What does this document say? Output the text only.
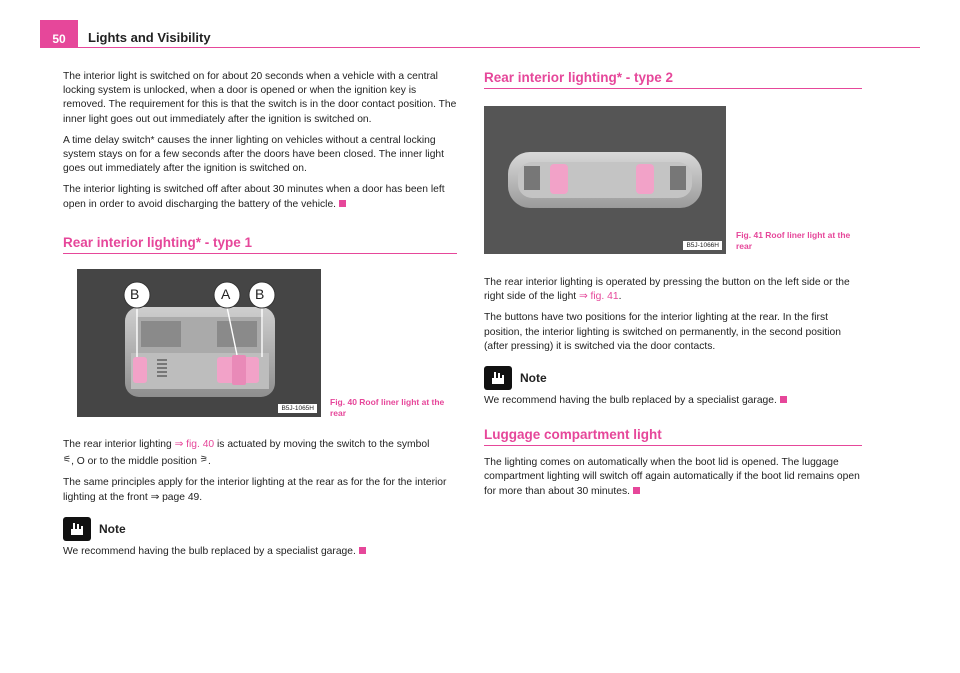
50	Lights and Visibility

The interior light is switched on for about 20 seconds when a vehicle with a central locking system is unlocked, when a door is opened or when the ignition key is removed. The requirement for this is that the switch is in the door contact position. The inner light goes out out immediately after the ignition is switched on.

A time delay switch* causes the inner lighting on vehicles without a central locking system stays on for a few seconds after the doors have been closed. The inner light goes out immediately after the ignition is switched on.

The interior lighting is switched off after about 30 minutes when a door has been left open in order to avoid discharging the battery of the vehicle.

Rear interior lighting* - type 1
B	A B
B5J-1065H
Fig. 40 Roof liner light at the rear

The rear interior lighting ⇒ fig. 40 is actuated by moving the switch to the symbol
⚟, O or to the middle position ⚞.

The same principles apply for the interior lighting at the rear as for the for the interior lighting at the front ⇒ page 49.

Note

We recommend having the bulb replaced by a specialist garage.

Rear interior lighting* - type 2
B5J-1066H
Fig. 41 Roof liner light at the rear

The rear interior lighting is operated by pressing the button on the left side or the right side of the light ⇒ fig. 41.

The buttons have two positions for the interior lighting at the rear. In the first position, the interior lighting is switched on permanently, in the second position (after pressing) it is switched via the door contacts.

Note

We recommend having the bulb replaced by a specialist garage.

Luggage compartment light

The lighting comes on automatically when the boot lid is opened. The luggage compartment lighting will switch off again automatically if the boot lid remains open for more than about 30 minutes.
